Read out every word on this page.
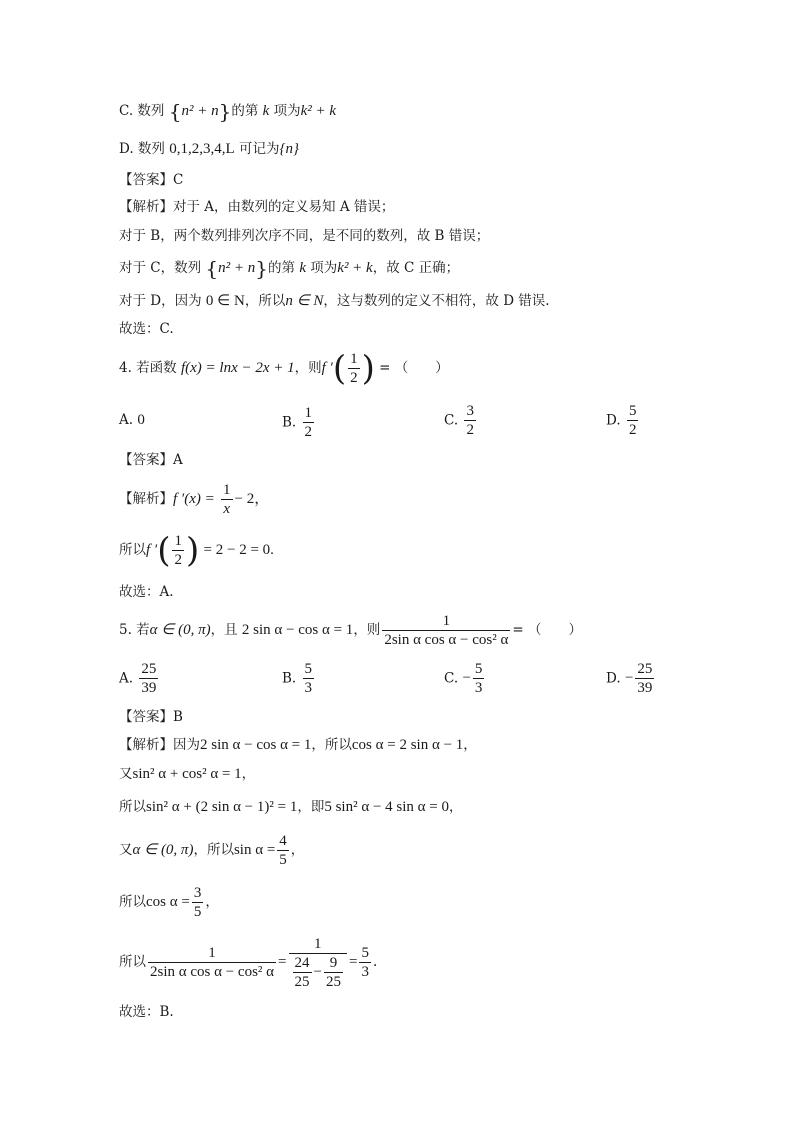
C. 数列 {n² + n}的第 k 项为k² + k
D. 数列 0,1,2,3,4,L 可记为{n}
【答案】C
【解析】对于 A，由数列的定义易知 A 错误；
对于 B，两个数列排列次序不同，是不同的数列，故 B 错误；
对于 C，数列 {n² + n}的第 k 项为k² + k，故 C 正确；
对于 D，因为 0 ∈ N，所以n ∈ N，这与数列的定义不相符，故 D 错误.
故选：C.
4. 若函数 f(x) = lnx − 2x + 1，则f ′( $\frac{1}{2}$ ) = （　　）
A. 0	B. $\frac{1}{2}$	C. $\frac{3}{2}$	D. $\frac{5}{2}$
【答案】A
【解析】f $'(x) = \frac{1}{x} - 2$，
所以f ′( $\frac{1}{2}$ ) = 2 − 2 = 0.
故选：A.
5. 若α ∈ (0, π)，且 2 sin α − cos α = 1，则 $\frac{1}{\text{2sin α cos α − cos² α}}$ = （　　）
A. $\frac{25}{39}$	B. $\frac{5}{3}$	C. − $\frac{5}{3}$	D. − $\frac{25}{39}$
【答案】B
【解析】因为2 sin α − cos α = 1，所以cos α = 2 sin α − 1，
又sin² α + cos² α = 1，
所以sin² α + (2 sin α − 1)² = 1，即5 sin² α − 4 sin α = 0，
又α ∈ (0, π)，所以$\sin \alpha = \frac{4}{5}$ ，
所以$\cos \alpha = \frac{3}{5}$ ，
所以 $\frac{1}{\text{2sin α cos α − cos² α}} = \frac{1}{\frac{24}{25} - \frac{9}{25}} = \frac{5}{3}$ .
故选：B.
